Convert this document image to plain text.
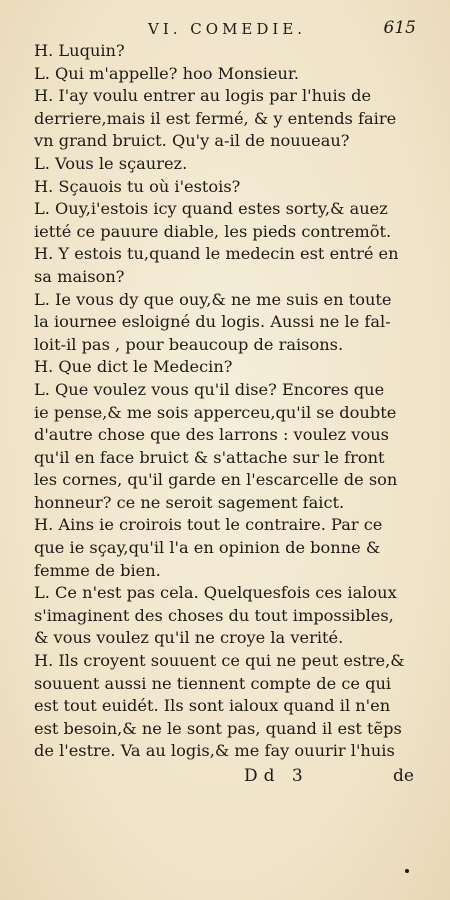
VI. COMEDIE.	615
H. Luquin?
L. Qui m'appelle? hoo Monsieur.
H. I'ay voulu entrer au logis par l'huis de
derriere,mais il est fermé, & y entends faire
vn grand bruict. Qu'y a-il de nouueau?
L. Vous le sçaurez.
H. Sçauois tu où i'estois?
L. Ouy,i'estois icy quand estes sorty,& auez
ietté ce pauure diable, les pieds contremõt.
H. Y estois tu,quand le medecin est entré en
sa maison?
L. Ie vous dy que ouy,& ne me suis en toute
la iournee esloigné du logis. Aussi ne le fal-
loit-il pas , pour beaucoup de raisons.
H. Que dict le Medecin?
L. Que voulez vous qu'il dise? Encores que
ie pense,& me sois apperceu,qu'il se doubte
d'autre chose que des larrons : voulez vous
qu'il en face bruict & s'attache sur le front
les cornes, qu'il garde en l'escarcelle de son
honneur? ce ne seroit sagement faict.
H. Ains ie croirois tout le contraire. Par ce
que ie sçay,qu'il l'a en opinion de bonne &
femme de bien.
L. Ce n'est pas cela. Quelquesfois ces ialoux
s'imaginent des choses du tout impossibles,
& vous voulez qu'il ne croye la verité.
H. Ils croyent souuent ce qui ne peut estre,&
souuent aussi ne tiennent compte de ce qui
est tout euidét. Ils sont ialoux quand il n'en
est besoin,& ne le sont pas, quand il est tẽps
de l'estre. Va au logis,& me fay ouurir l'huis
Dd 3	de
